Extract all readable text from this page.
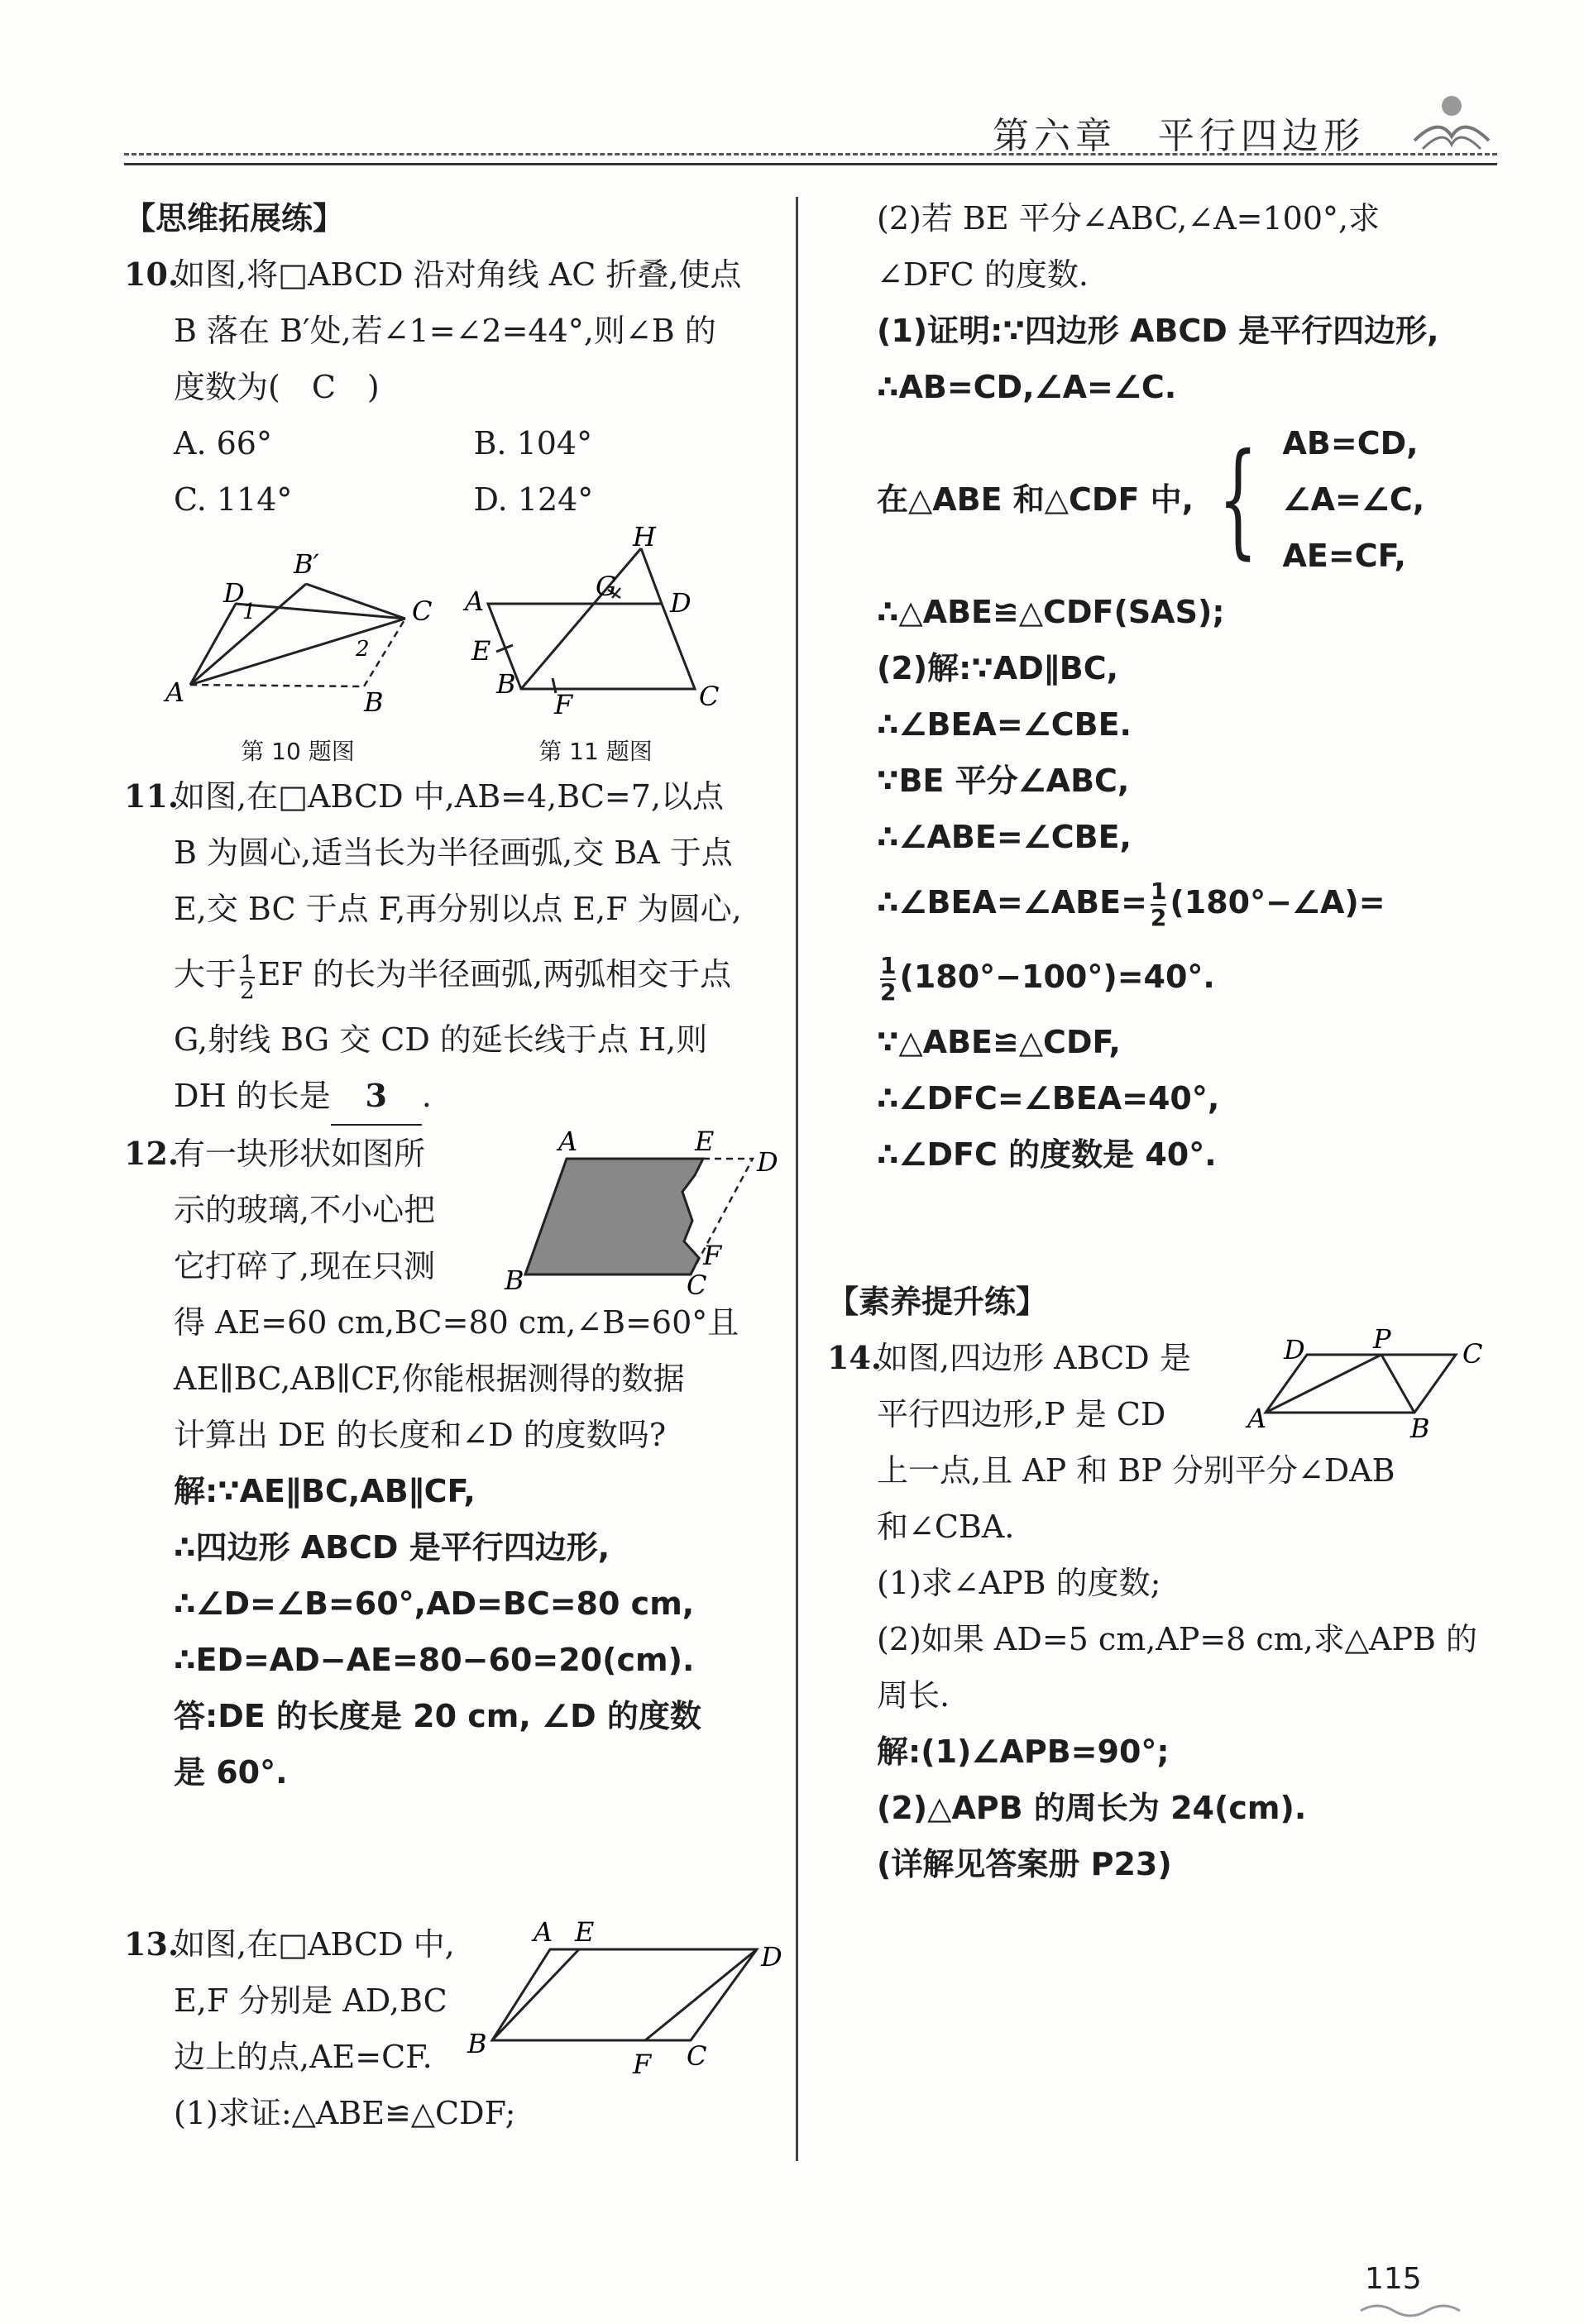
第六章　平行四边形
【思维拓展练】
10.
如图,将□ABCD 沿对角线 AC 折叠,使点
B 落在 B′处,若∠1=∠2=44°,则∠B 的
度数为(　C　)
A. 66°	B. 104°
C. 114°	D. 124°
D
B′
C
1
2
A	B
第 10 题图
H
A	G
D
E
B
F	C
第 11 题图
11.
如图,在□ABCD 中,AB=4,BC=7,以点
B 为圆心,适当长为半径画弧,交 BA 于点
E,交 BC 于点 F,再分别以点 E,F 为圆心,
大于 $\frac{1}{2}$ EF 的长为半径画弧,两弧相交于点
G,射线 BG 交 CD 的延长线于点 H,则
DH 的长是 3 .
12.
有一块形状如图所
示的玻璃,不小心把
它打碎了,现在只测
A	E
D
F
B	C
得 AE=60 cm,BC=80 cm,∠B=60°且
AE∥BC,AB∥CF,你能根据测得的数据
计算出 DE 的长度和∠D 的度数吗?
解:∵AE∥BC,AB∥CF,
∴四边形 ABCD 是平行四边形,
∴∠D=∠B=60°,AD=BC=80 cm,
∴ED=AD−AE=80−60=20(cm).
答:DE 的长度是 20 cm, ∠D 的度数
是 60°.
13.
如图,在□ABCD 中,
E,F 分别是 AD,BC
边上的点,AE=CF.
A E
D
B
F C
(1)求证:△ABE≌△CDF;
(2)若 BE 平分∠ABC,∠A=100°,求
∠DFC 的度数.
(1)证明:∵四边形 ABCD 是平行四边形,
∴AB=CD,∠A=∠C.
在△ABE 和△CDF 中, { AB=CD,
∠A=∠C,
AE=CF,
∴△ABE≌△CDF(SAS);
(2)解:∵AD∥BC,
∴∠BEA=∠CBE.
∵BE 平分∠ABC,
∴∠ABE=∠CBE,
∴∠BEA=∠ABE= $\frac{1}{2}$ (180°−∠A)=
$\frac{1}{2} (180^\circ-100^\circ)=40^\circ$.
∵△ABE≌△CDF,
∴∠DFC=∠BEA=40°,
∴∠DFC 的度数是 40°.
【素养提升练】
14.
如图,四边形 ABCD 是
平行四边形,P 是 CD
D	P	C
A	B
上一点,且 AP 和 BP 分别平分∠DAB
和∠CBA.
(1)求∠APB 的度数;
(2)如果 AD=5 cm,AP=8 cm,求△APB 的
周长.
解:(1)∠APB=90°;
(2)△APB 的周长为 24(cm).
(详解见答案册 P23)
115
